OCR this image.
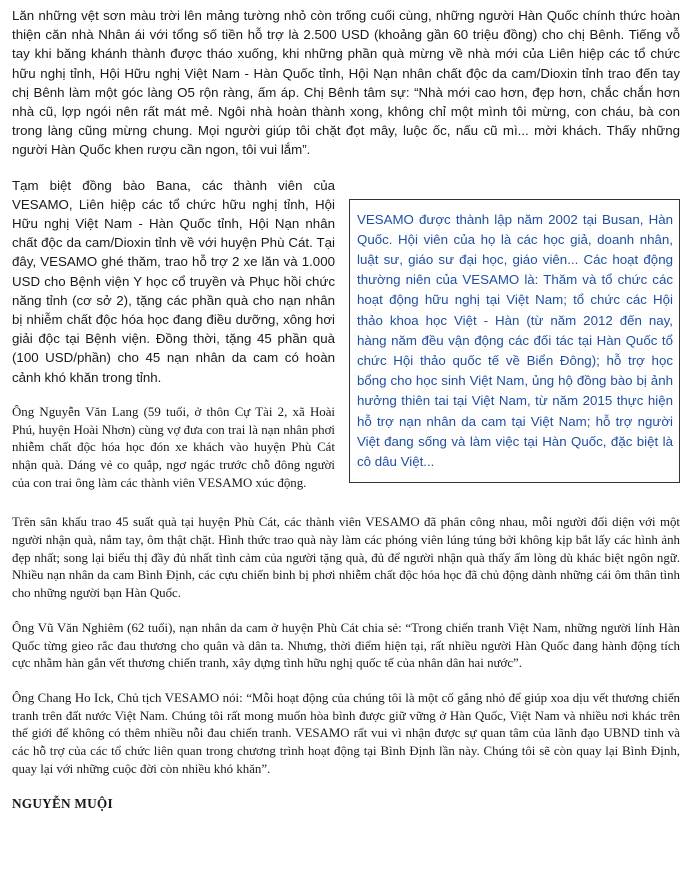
Lăn những vệt sơn màu trời lên mảng tường nhỏ còn trống cuối cùng, những người Hàn Quốc chính thức hoàn thiện căn nhà Nhân ái với tổng số tiền hỗ trợ là 2.500 USD (khoảng gần 60 triệu đồng) cho chị Bênh. Tiếng vỗ tay khi băng khánh thành được tháo xuống, khi những phần quà mừng về nhà mới của Liên hiệp các tổ chức hữu nghị tỉnh, Hội Hữu nghị Việt Nam - Hàn Quốc tỉnh, Hội Nạn nhân chất độc da cam/Dioxin tỉnh trao đến tay chị Bênh làm một góc làng O5 rộn ràng, ấm áp. Chị Bênh tâm sự: “Nhà mới cao hơn, đẹp hơn, chắc chắn hơn nhà cũ, lợp ngói nên rất mát mẻ. Ngôi nhà hoàn thành xong, không chỉ một mình tôi mừng, con cháu, bà con trong làng cũng mừng chung. Mọi người giúp tôi chặt đọt mây, luộc ốc, nấu cũ mì... mời khách. Thấy những người Hàn Quốc khen rượu cần ngon, tôi vui lắm”.

VESAMO được thành lập năm 2002 tại Busan, Hàn Quốc. Hội viên của họ là các học giả, doanh nhân, luật sư, giáo sư đại học, giáo viên... Các hoạt động thường niên của VESAMO là: Thăm và tổ chức các hoạt động hữu nghị tại Việt Nam; tổ chức các Hội thảo khoa học Việt - Hàn (từ năm 2012 đến nay, hàng năm đều vận động các đối tác tại Hàn Quốc tổ chức Hội thảo quốc tế về Biển Đông); hỗ trợ học bổng cho học sinh Việt Nam, ủng hộ đồng bào bị ảnh hưởng thiên tai tại Việt Nam, từ năm 2015 thực hiện hỗ trợ nạn nhân da cam tại Việt Nam; hỗ trợ người Việt đang sống và làm việc tại Hàn Quốc, đặc biệt là cô dâu Việt...

Tạm biệt đồng bào Bana, các thành viên của VESAMO, Liên hiệp các tổ chức hữu nghị tỉnh, Hội Hữu nghị Việt Nam - Hàn Quốc tỉnh, Hội Nạn nhân chất độc da cam/Dioxin tỉnh về với huyện Phù Cát. Tại đây, VESAMO ghé thăm, trao hỗ trợ 2 xe lăn và 1.000 USD cho Bệnh viện Y học cổ truyền và Phục hồi chức năng tỉnh (cơ sở 2), tặng các phần quà cho nạn nhân bị nhiễm chất độc hóa học đang điều dưỡng, xông hơi giải độc tại Bệnh viện. Đồng thời, tặng 45 phần quà (100 USD/phần) cho 45 nạn nhân da cam có hoàn cảnh khó khăn trong tỉnh.

Ông Nguyễn Văn Lang (59 tuổi, ở thôn Cự Tài 2, xã Hoài Phú, huyện Hoài Nhơn) cùng vợ đưa con trai là nạn nhân phơi nhiễm chất độc hóa học đón xe khách vào huyện Phù Cát nhận quà. Dáng vẻ co quắp, ngơ ngác trước chỗ đông người của con trai ông làm các thành viên VESAMO xúc động.

Trên sân khấu trao 45 suất quà tại huyện Phù Cát, các thành viên VESAMO đã phân công nhau, mỗi người đối diện với một người nhận quà, nắm tay, ôm thật chặt. Hình thức trao quà này làm các phóng viên lúng túng bởi không kịp bắt lấy các hình ảnh đẹp nhất; song lại biểu thị đầy đủ nhất tình cảm của người tặng quà, đủ để người nhận quà thấy ấm lòng dù khác biệt ngôn ngữ. Nhiều nạn nhân da cam Bình Định, các cựu chiến binh bị phơi nhiễm chất độc hóa học đã chủ động dành những cái ôm thân tình cho những người bạn Hàn Quốc.

Ông Vũ Văn Nghiêm (62 tuổi), nạn nhân da cam ở huyện Phù Cát chia sẻ: “Trong chiến tranh Việt Nam, những người lính Hàn Quốc từng gieo rắc đau thương cho quân và dân ta. Nhưng, thời điểm hiện tại, rất nhiều người Hàn Quốc đang hành động tích cực nhằm hàn gắn vết thương chiến tranh, xây dựng tình hữu nghị quốc tế của nhân dân hai nước”.

Ông Chang Ho Ick, Chủ tịch VESAMO nói: “Mỗi hoạt động của chúng tôi là một cố gắng nhỏ để giúp xoa dịu vết thương chiến tranh trên đất nước Việt Nam. Chúng tôi rất mong muốn hòa bình được giữ vững ở Hàn Quốc, Việt Nam và nhiều nơi khác trên thế giới để không có thêm nhiều nỗi đau chiến tranh. VESAMO rất vui vì nhận được sự quan tâm của lãnh đạo UBND tỉnh và các hỗ trợ của các tổ chức liên quan trong chương trình hoạt động tại Bình Định lần này. Chúng tôi sẽ còn quay lại Bình Định, quay lại với những cuộc đời còn nhiều khó khăn”.

NGUYỄN MUỘI
